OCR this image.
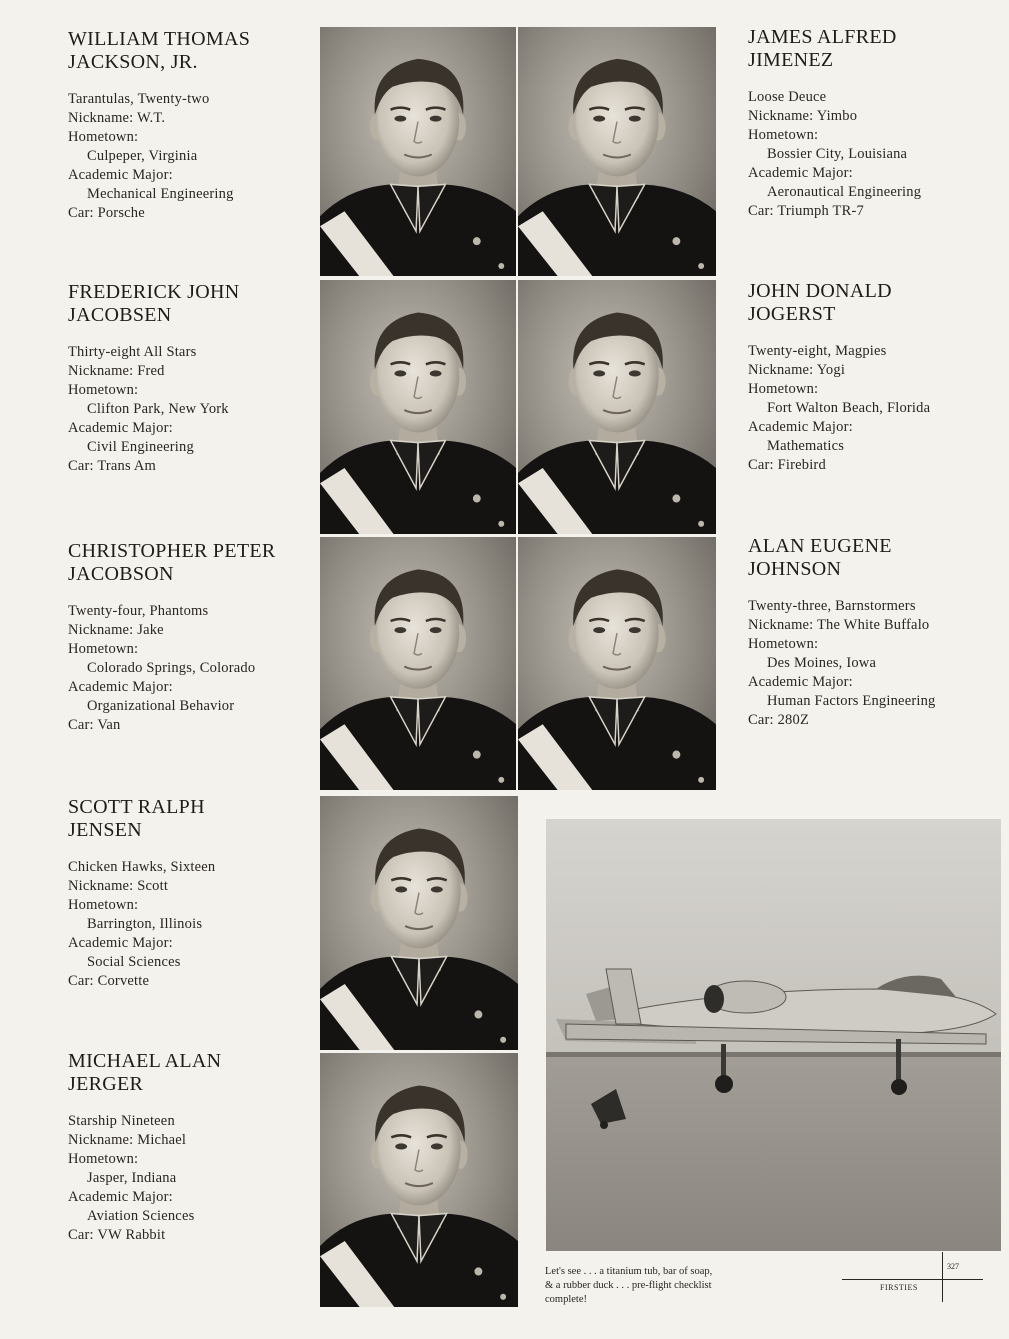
WILLIAM THOMAS
JACKSON, JR.
Tarantulas, Twenty-two
Nickname: W.T.
Hometown:
Culpeper, Virginia
Academic Major:
Mechanical Engineering
Car: Porsche
FREDERICK JOHN
JACOBSEN
Thirty-eight All Stars
Nickname: Fred
Hometown:
Clifton Park, New York
Academic Major:
Civil Engineering
Car: Trans Am
CHRISTOPHER PETER
JACOBSON
Twenty-four, Phantoms
Nickname: Jake
Hometown:
Colorado Springs, Colorado
Academic Major:
Organizational Behavior
Car: Van
SCOTT RALPH
JENSEN
Chicken Hawks, Sixteen
Nickname: Scott
Hometown:
Barrington, Illinois
Academic Major:
Social Sciences
Car: Corvette
MICHAEL ALAN
JERGER
Starship Nineteen
Nickname: Michael
Hometown:
Jasper, Indiana
Academic Major:
Aviation Sciences
Car: VW Rabbit
JAMES ALFRED
JIMENEZ
Loose Deuce
Nickname: Yimbo
Hometown:
Bossier City, Louisiana
Academic Major:
Aeronautical Engineering
Car: Triumph TR-7
JOHN DONALD
JOGERST
Twenty-eight, Magpies
Nickname: Yogi
Hometown:
Fort Walton Beach, Florida
Academic Major:
Mathematics
Car: Firebird
ALAN EUGENE
JOHNSON
Twenty-three, Barnstormers
Nickname: The White Buffalo
Hometown:
Des Moines, Iowa
Academic Major:
Human Factors Engineering
Car: 280Z
Let's see . . . a titanium tub, bar of soap,
& a rubber duck . . . pre-flight checklist
complete!
327
FIRSTIES
